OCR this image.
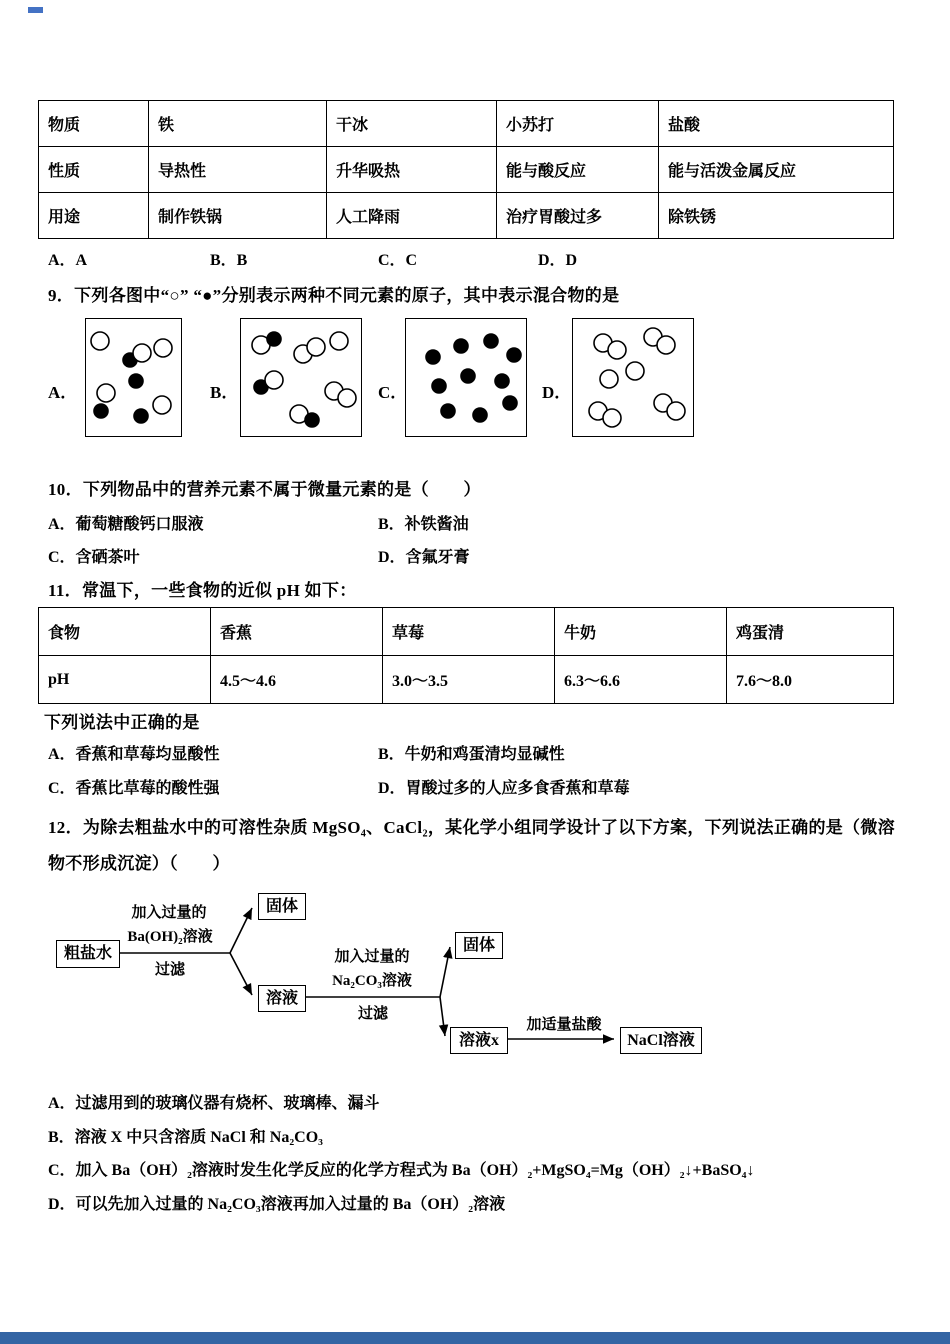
物质	铁	干冰	小苏打	盐酸
性质	导热性	升华吸热	能与酸反应	能与活泼金属反应
用途	制作铁锅	人工降雨	治疗胃酸过多	除铁锈
A．A	B．B	C．C	D．D
9．下列各图中“○” “●”分别表示两种不同元素的原子，其中表示混合物的是
A．	B．	C．	D．
10．下列物品中的营养元素不属于微量元素的是（　　）
A．葡萄糖酸钙口服液	B．补铁酱油
C．含硒茶叶	D．含氟牙膏
11．常温下，一些食物的近似 pH 如下：
食物	香蕉	草莓	牛奶	鸡蛋清
pH	4.5～4.6	3.0～3.5	6.3～6.6	7.6～8.0
下列说法中正确的是
A．香蕉和草莓均显酸性	B．牛奶和鸡蛋清均显碱性
C．香蕉比草莓的酸性强	D．胃酸过多的人应多食香蕉和草莓
12．为除去粗盐水中的可溶性杂质 MgSO₄、CaCl₂，某化学小组同学设计了以下方案，下列说法正确的是（微溶物不形成沉淀）（　　）
粗盐水
加入过量的
Ba(OH)₂溶液
过滤
固体
溶液
加入过量的
Na₂CO₃溶液
过滤
固体
溶液x
加适量盐酸
NaCl溶液
A．过滤用到的玻璃仪器有烧杯、玻璃棒、漏斗
B．溶液 X 中只含溶质 NaCl 和 Na₂CO₃
C．加入 Ba（OH）₂溶液时发生化学反应的化学方程式为 Ba（OH）₂+MgSO₄=Mg（OH）₂↓+BaSO₄↓
D．可以先加入过量的 Na₂CO₃溶液再加入过量的 Ba（OH）₂溶液
